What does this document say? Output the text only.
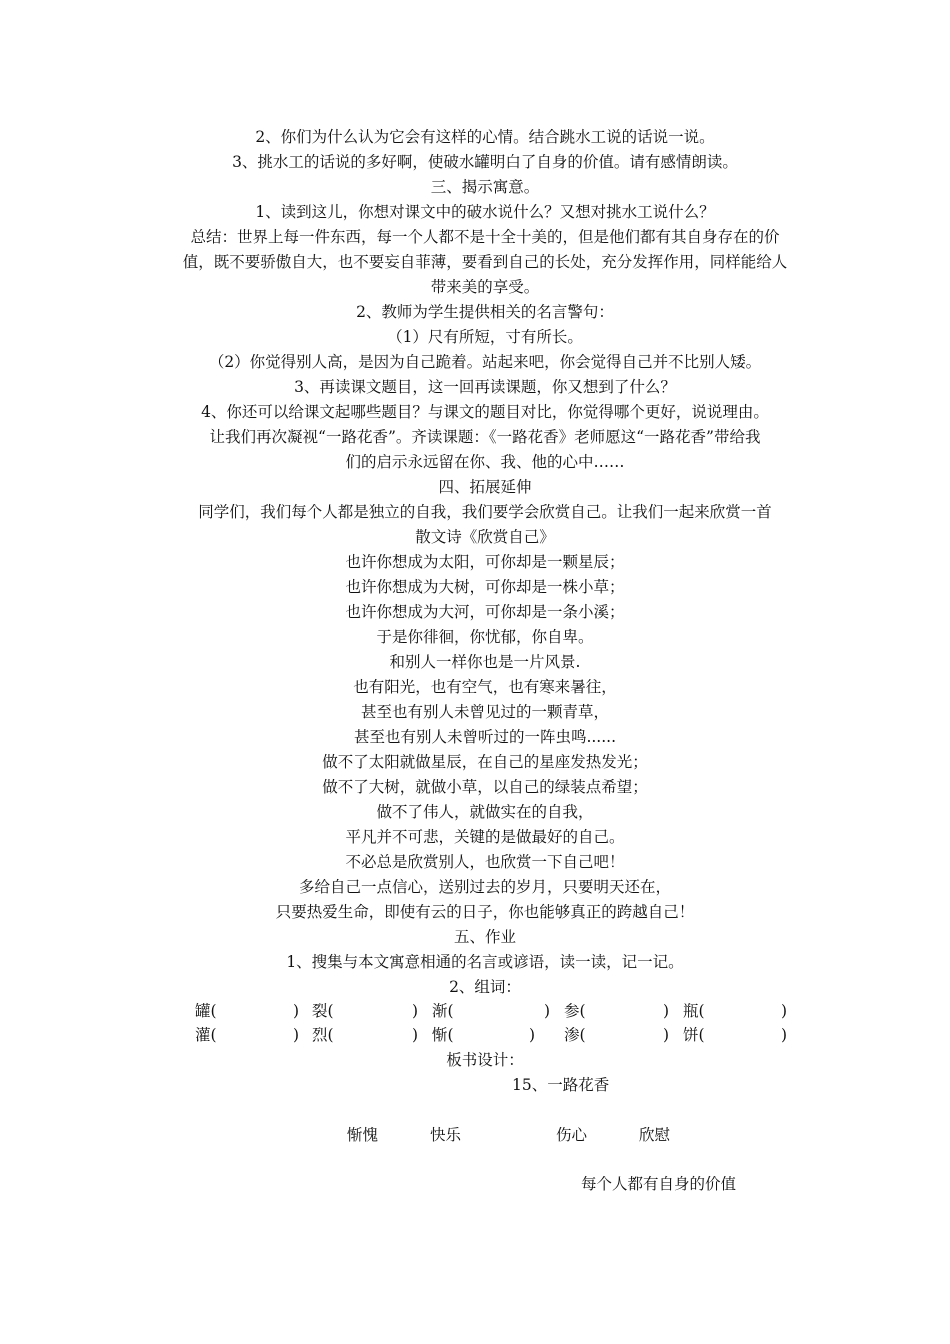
2、你们为什么认为它会有这样的心情。结合跳水工说的话说一说。
3、挑水工的话说的多好啊，使破水罐明白了自身的价值。请有感情朗读。
三、揭示寓意。
1、读到这儿，你想对课文中的破水说什么？又想对挑水工说什么？
总结：世界上每一件东西，每一个人都不是十全十美的，但是他们都有其自身存在的价
值，既不要骄傲自大，也不要妄自菲薄，要看到自己的长处，充分发挥作用，同样能给人
带来美的享受。
2、教师为学生提供相关的名言警句：
（1）尺有所短，寸有所长。
（2）你觉得别人高，是因为自己跪着。站起来吧，你会觉得自己并不比别人矮。
3、再读课文题目，这一回再读课题，你又想到了什么？
4、你还可以给课文起哪些题目？与课文的题目对比，你觉得哪个更好，说说理由。
让我们再次凝视“一路花香”。齐读课题：《一路花香》老师愿这“一路花香”带给我
们的启示永远留在你、我、他的心中……
四、拓展延伸
同学们，我们每个人都是独立的自我，我们要学会欣赏自己。让我们一起来欣赏一首
散文诗《欣赏自己》
也许你想成为太阳，可你却是一颗星辰；
也许你想成为大树，可你却是一株小草；
也许你想成为大河，可你却是一条小溪；
于是你徘徊，你忧郁，你自卑。
和别人一样你也是一片风景.
也有阳光，也有空气，也有寒来暑往，
甚至也有别人未曾见过的一颗青草，
甚至也有别人未曾听过的一阵虫鸣......
做不了太阳就做星辰，在自己的星座发热发光；
做不了大树，就做小草，以自己的绿装点希望；
做不了伟人，就做实在的自我，
平凡并不可悲，关键的是做最好的自己。
不必总是欣赏别人，也欣赏一下自己吧！
多给自己一点信心，送别过去的岁月，只要明天还在，
只要热爱生命，即使有云的日子，你也能够真正的跨越自己！
五、作业
1、搜集与本文寓意相通的名言或谚语，读一读，记一记。
2、组词：
罐(	) 裂(	) 渐(	) 参(	) 瓶(	)
灌(	) 烈(	) 惭(	) 渗(	) 饼(	)
板书设计：
15、一路花香
惭愧	快乐	伤心	欣慰
每个人都有自身的价值
